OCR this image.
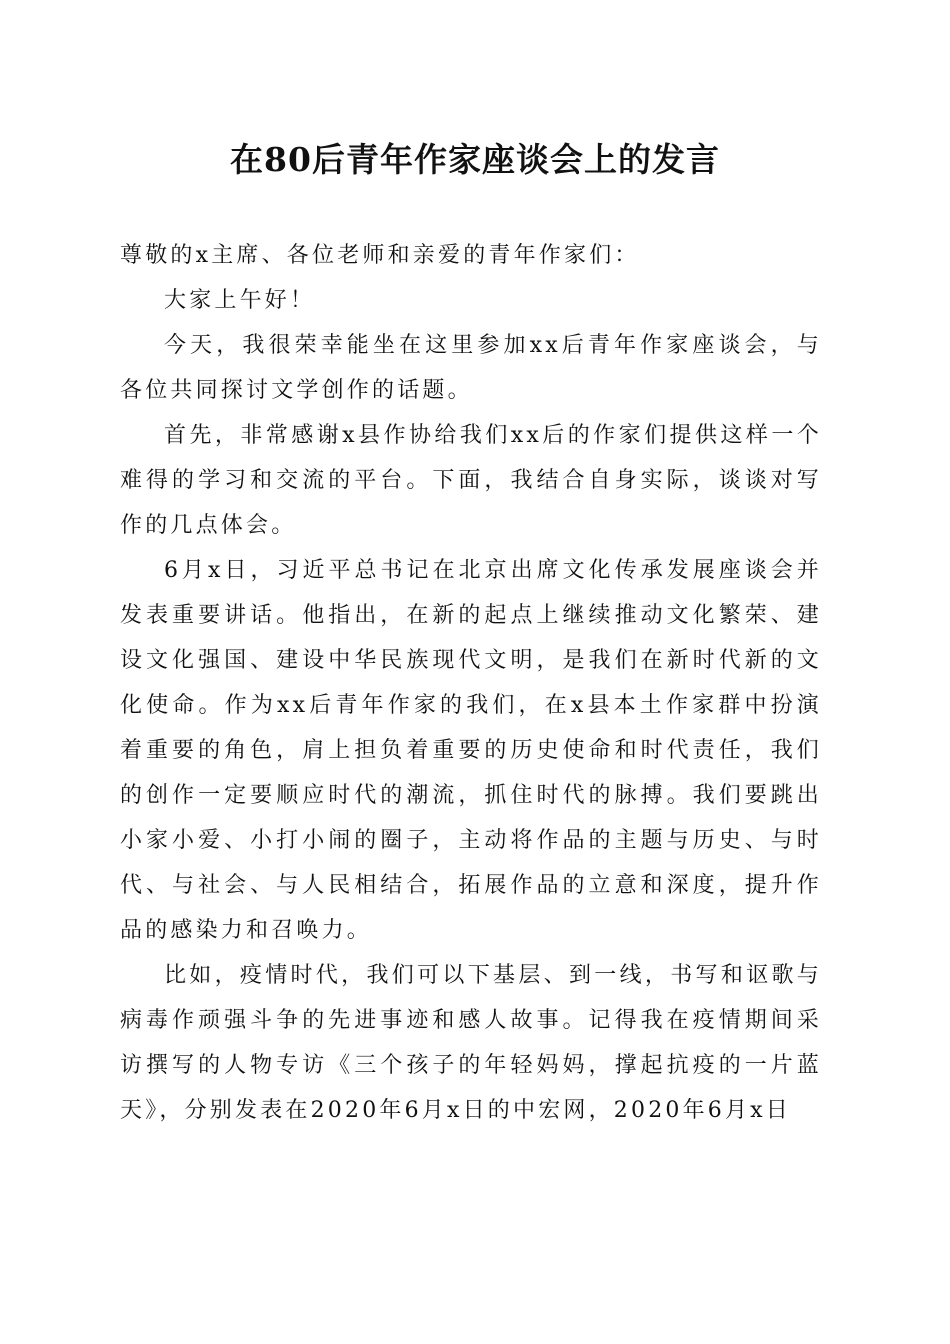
在80后青年作家座谈会上的发言

尊敬的x主席、各位老师和亲爱的青年作家们：

大家上午好！

今天，我很荣幸能坐在这里参加xx后青年作家座谈会，与各位共同探讨文学创作的话题。

首先，非常感谢x县作协给我们xx后的作家们提供这样一个难得的学习和交流的平台。下面，我结合自身实际，谈谈对写作的几点体会。

6月x日，习近平总书记在北京出席文化传承发展座谈会并发表重要讲话。他指出，在新的起点上继续推动文化繁荣、建设文化强国、建设中华民族现代文明，是我们在新时代新的文化使命。作为xx后青年作家的我们，在x县本土作家群中扮演着重要的角色，肩上担负着重要的历史使命和时代责任，我们的创作一定要顺应时代的潮流，抓住时代的脉搏。我们要跳出小家小爱、小打小闹的圈子，主动将作品的主题与历史、与时代、与社会、与人民相结合，拓展作品的立意和深度，提升作品的感染力和召唤力。

比如，疫情时代，我们可以下基层、到一线，书写和讴歌与病毒作顽强斗争的先进事迹和感人故事。记得我在疫情期间采访撰写的人物专访《三个孩子的年轻妈妈，撑起抗疫的一片蓝天》，分别发表在2020年6月x日的中宏网，2020年6月x日
